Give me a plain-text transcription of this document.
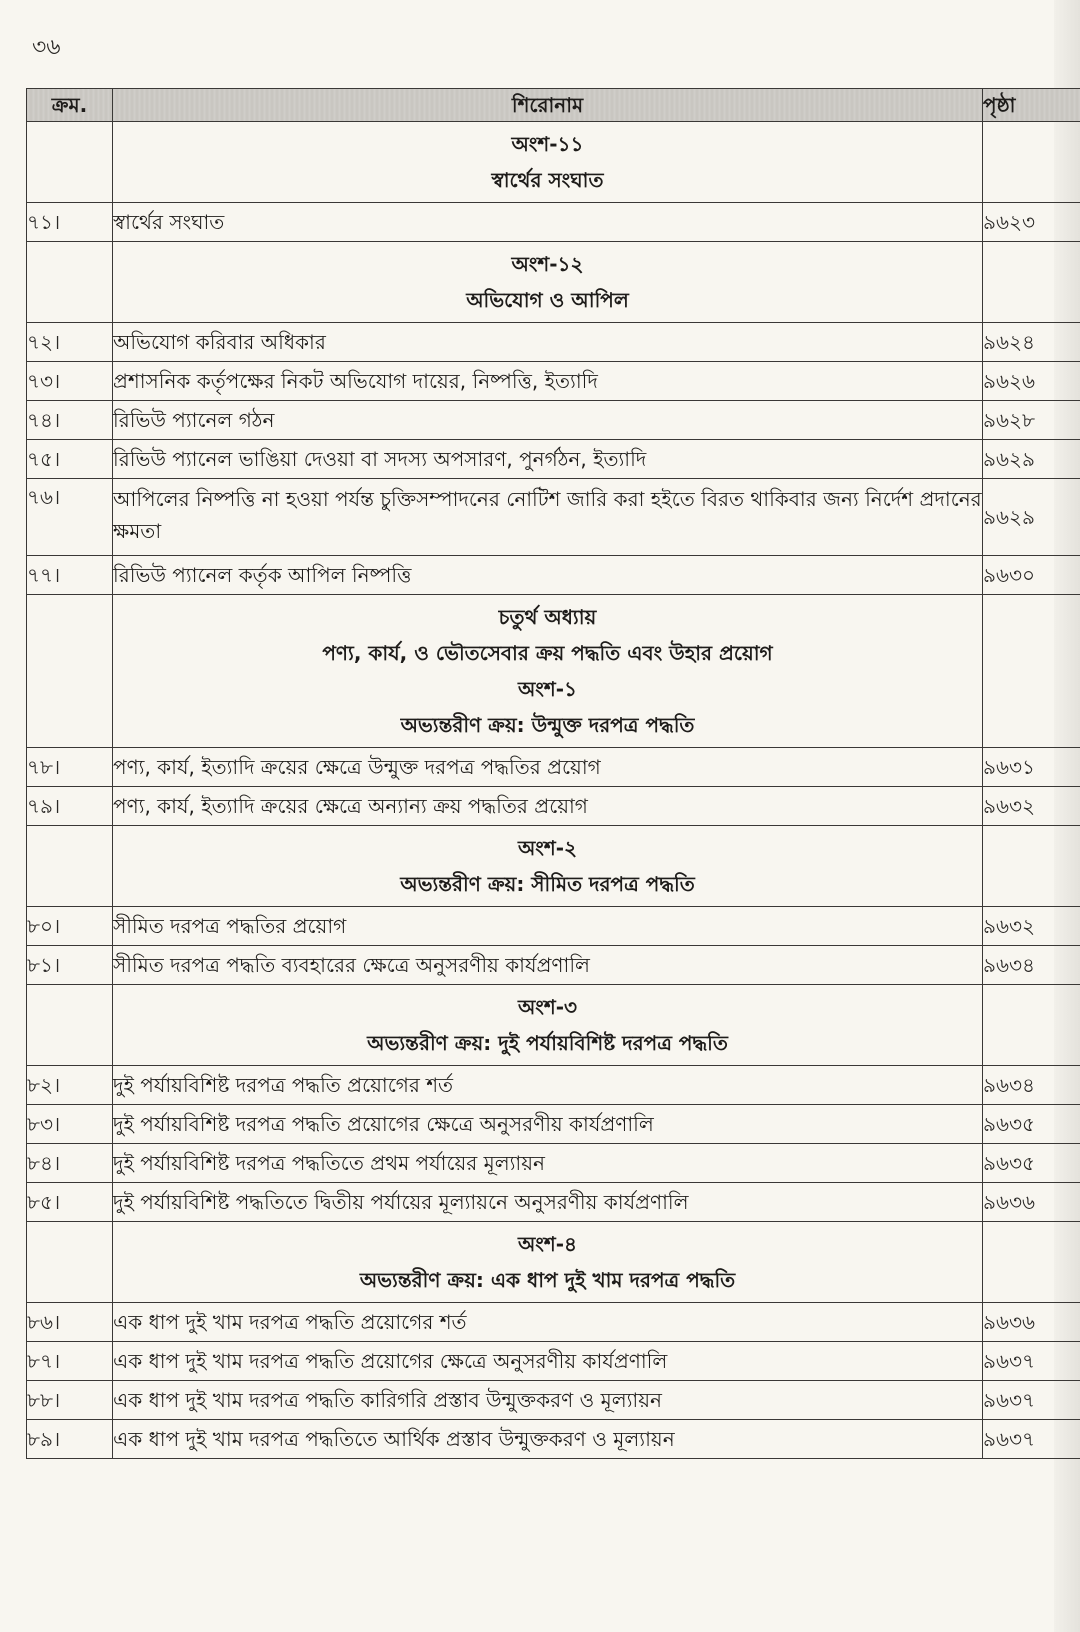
৩৬
ক্রম.	শিরোনাম	পৃষ্ঠা

	অংশ-১১
স্বার্থের সংঘাত	

৭১।	স্বার্থের সংঘাত	৯৬২৩

	অংশ-১২
অভিযোগ ও আপিল	

৭২।	অভিযোগ করিবার অধিকার	৯৬২৪
৭৩।	প্রশাসনিক কর্তৃপক্ষের নিকট অভিযোগ দায়ের, নিষ্পত্তি, ইত্যাদি	৯৬২৬
৭৪।	রিভিউ প্যানেল গঠন	৯৬২৮
৭৫।	রিভিউ প্যানেল ভাঙিয়া দেওয়া বা সদস্য অপসারণ, পুনর্গঠন, ইত্যাদি	৯৬২৯
৭৬।	আপিলের নিষ্পত্তি না হওয়া পর্যন্ত চুক্তিসম্পাদনের নোটিশ জারি করা হইতে বিরত থাকিবার জন্য নির্দেশ প্রদানের ক্ষমতা	৯৬২৯
৭৭।	রিভিউ প্যানেল কর্তৃক আপিল নিষ্পত্তি	৯৬৩০

	চতুর্থ অধ্যায়
পণ্য, কার্য, ও ভৌতসেবার ক্রয় পদ্ধতি এবং উহার প্রয়োগ
অংশ-১
অভ্যন্তরীণ ক্রয়: উন্মুক্ত দরপত্র পদ্ধতি	

৭৮।	পণ্য, কার্য, ইত্যাদি ক্রয়ের ক্ষেত্রে উন্মুক্ত দরপত্র পদ্ধতির প্রয়োগ	৯৬৩১
৭৯।	পণ্য, কার্য, ইত্যাদি ক্রয়ের ক্ষেত্রে অন্যান্য ক্রয় পদ্ধতির প্রয়োগ	৯৬৩২

	অংশ-২
অভ্যন্তরীণ ক্রয়: সীমিত দরপত্র পদ্ধতি	

৮০।	সীমিত দরপত্র পদ্ধতির প্রয়োগ	৯৬৩২
৮১।	সীমিত দরপত্র পদ্ধতি ব্যবহারের ক্ষেত্রে অনুসরণীয় কার্যপ্রণালি	৯৬৩৪

	অংশ-৩
অভ্যন্তরীণ ক্রয়: দুই পর্যায়বিশিষ্ট দরপত্র পদ্ধতি	

৮২।	দুই পর্যায়বিশিষ্ট দরপত্র পদ্ধতি প্রয়োগের শর্ত	৯৬৩৪
৮৩।	দুই পর্যায়বিশিষ্ট দরপত্র পদ্ধতি প্রয়োগের ক্ষেত্রে অনুসরণীয় কার্যপ্রণালি	৯৬৩৫
৮৪।	দুই পর্যায়বিশিষ্ট দরপত্র পদ্ধতিতে প্রথম পর্যায়ের মূল্যায়ন	৯৬৩৫
৮৫।	দুই পর্যায়বিশিষ্ট পদ্ধতিতে দ্বিতীয় পর্যায়ের মূল্যায়নে অনুসরণীয় কার্যপ্রণালি	৯৬৩৬

	অংশ-৪
অভ্যন্তরীণ ক্রয়: এক ধাপ দুই খাম দরপত্র পদ্ধতি	

৮৬।	এক ধাপ দুই খাম দরপত্র পদ্ধতি প্রয়োগের শর্ত	৯৬৩৬
৮৭।	এক ধাপ দুই খাম দরপত্র পদ্ধতি প্রয়োগের ক্ষেত্রে অনুসরণীয় কার্যপ্রণালি	৯৬৩৭
৮৮।	এক ধাপ দুই খাম দরপত্র পদ্ধতি কারিগরি প্রস্তাব উন্মুক্তকরণ ও মূল্যায়ন	৯৬৩৭
৮৯।	এক ধাপ দুই খাম দরপত্র পদ্ধতিতে আর্থিক প্রস্তাব উন্মুক্তকরণ ও মূল্যায়ন	৯৬৩৭
